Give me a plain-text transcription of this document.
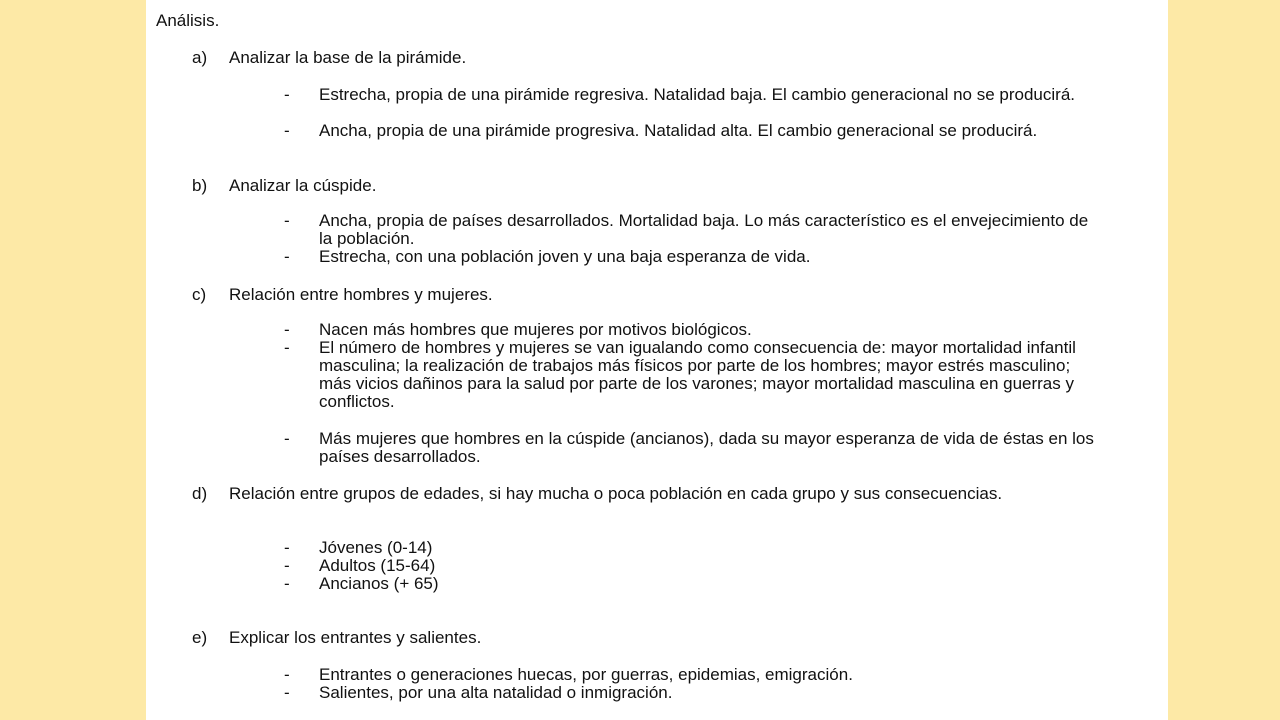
Análisis.
a) Analizar la base de la pirámide.
- Estrecha, propia de una pirámide regresiva. Natalidad baja. El cambio generacional no se producirá.
- Ancha, propia de una pirámide progresiva. Natalidad alta. El cambio generacional se producirá.
b) Analizar la cúspide.
- Ancha, propia de países desarrollados. Mortalidad baja. Lo más característico es el envejecimiento de la población.
- Estrecha, con una población joven y una baja esperanza de vida.
c) Relación entre hombres y mujeres.
- Nacen más hombres que mujeres por motivos biológicos.
- El número de hombres y mujeres se van igualando como consecuencia de: mayor mortalidad infantil masculina; la realización de trabajos más físicos por parte de los hombres; mayor estrés masculino; más vicios dañinos para la salud por parte de los varones; mayor mortalidad masculina en guerras y conflictos.
- Más mujeres que hombres en la cúspide (ancianos), dada su mayor esperanza de vida de éstas en los países desarrollados.
d) Relación entre grupos de edades, si hay mucha o poca población en cada grupo y sus consecuencias.
- Jóvenes (0-14)
- Adultos (15-64)
- Ancianos (+ 65)
e) Explicar los entrantes y salientes.
- Entrantes o generaciones huecas, por guerras, epidemias, emigración.
- Salientes, por una alta natalidad o inmigración.
